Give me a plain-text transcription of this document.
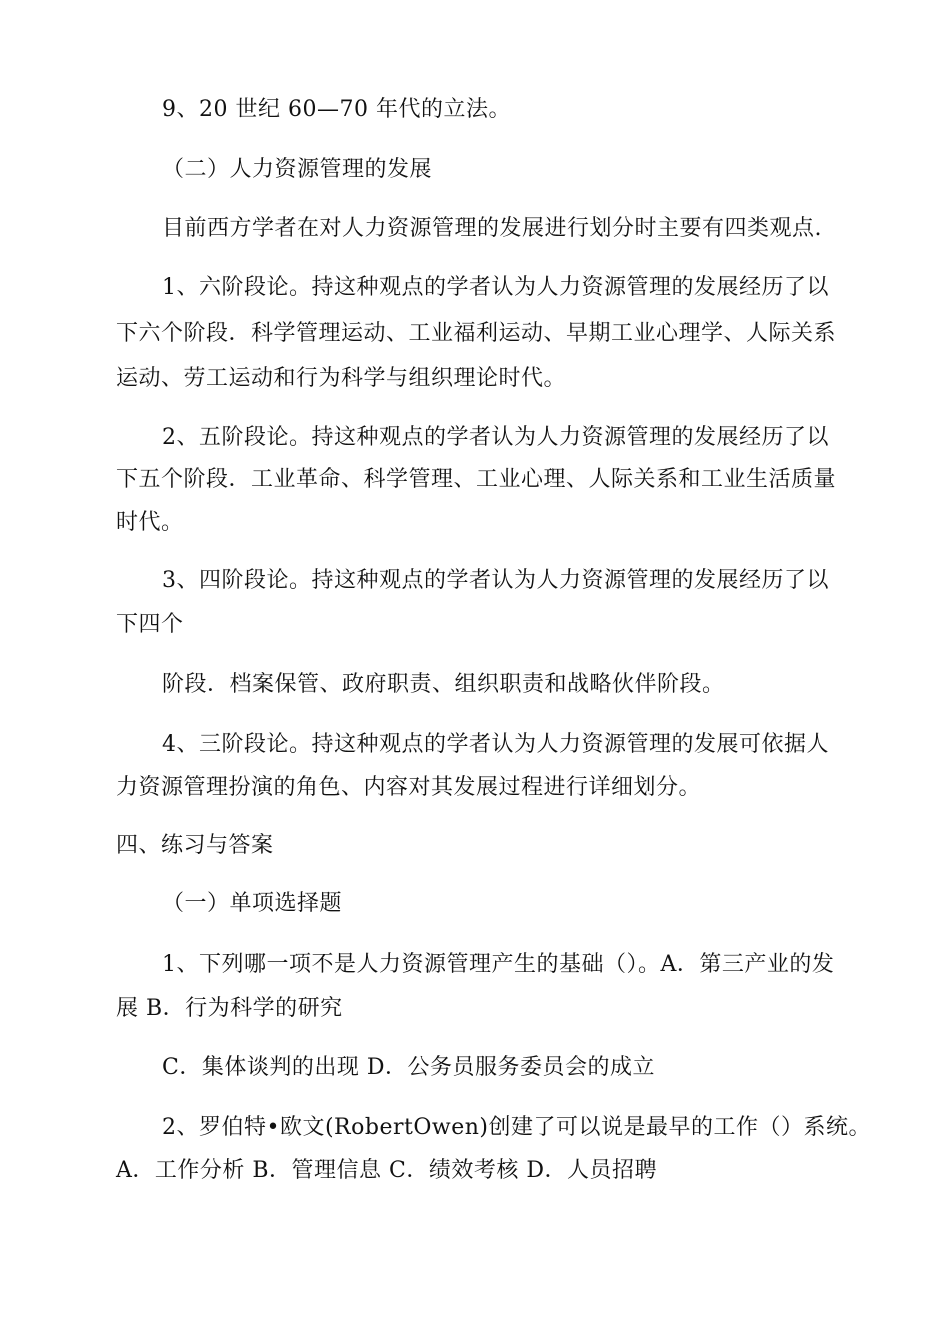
9、20 世纪 60—70 年代的立法。
（二）人力资源管理的发展
目前西方学者在对人力资源管理的发展进行划分时主要有四类观点.
1、六阶段论。持这种观点的学者认为人力资源管理的发展经历了以
下六个阶段．科学管理运动、工业福利运动、早期工业心理学、人际关系
运动、劳工运动和行为科学与组织理论时代。
2、五阶段论。持这种观点的学者认为人力资源管理的发展经历了以
下五个阶段．工业革命、科学管理、工业心理、人际关系和工业生活质量
时代。
3、四阶段论。持这种观点的学者认为人力资源管理的发展经历了以
下四个
阶段．档案保管、政府职责、组织职责和战略伙伴阶段。
4、三阶段论。持这种观点的学者认为人力资源管理的发展可依据人
力资源管理扮演的角色、内容对其发展过程进行详细划分。
四、练习与答案
（一）单项选择题
1、下列哪一项不是人力资源管理产生的基础（）。A．第三产业的发
展 B．行为科学的研究
C．集体谈判的出现 D．公务员服务委员会的成立
2、罗伯特•欧文(RobertOwen)创建了可以说是最早的工作（）系统。
A．工作分析 B．管理信息 C．绩效考核 D．人员招聘
